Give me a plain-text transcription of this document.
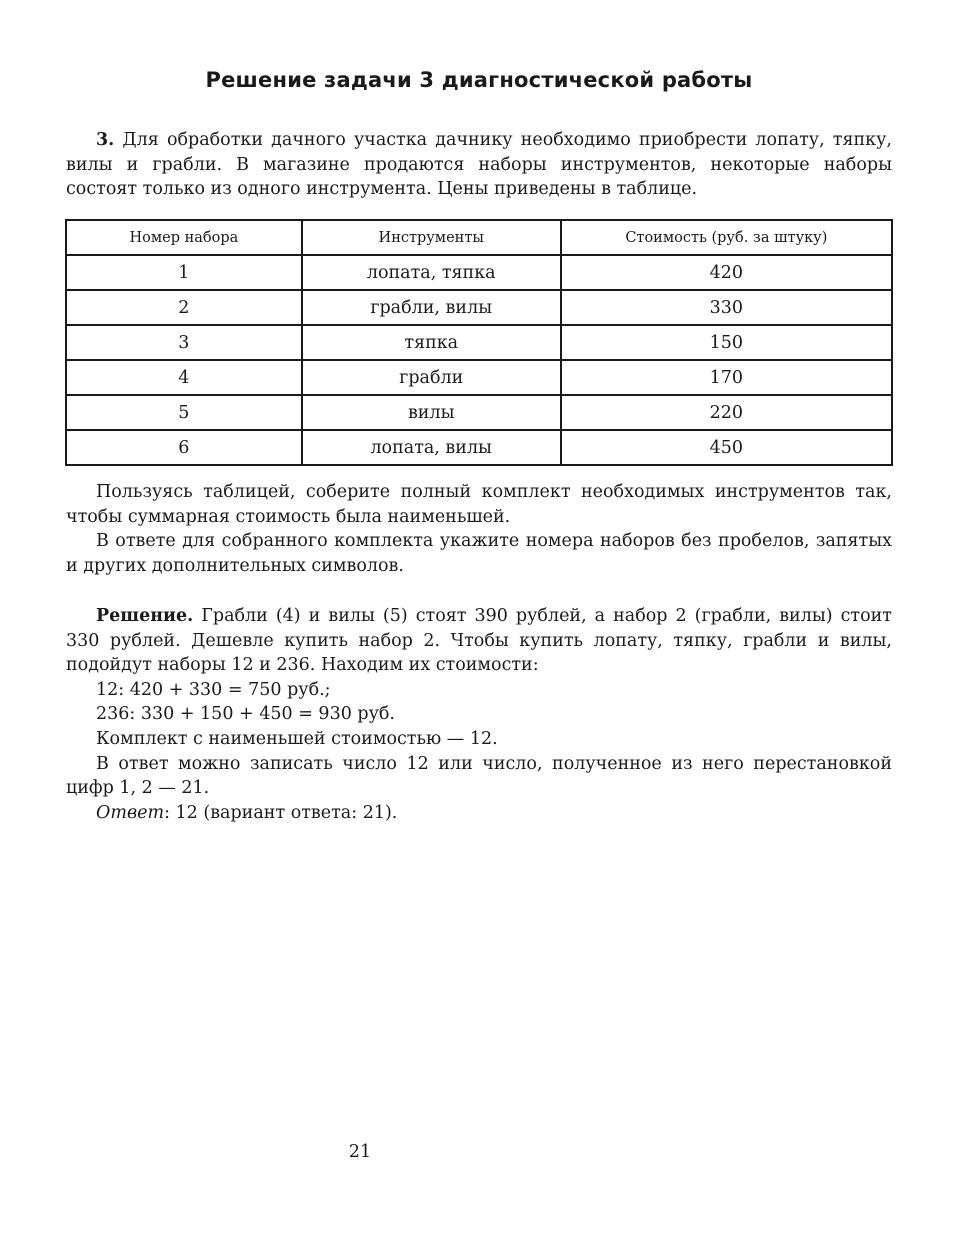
Решение задачи 3 диагностической работы

3. Для обработки дачного участка дачнику необходимо приобрести лопату, тяпку, вилы и грабли. В магазине продаются наборы инструментов, некоторые наборы состоят только из одного инструмента. Цены приведены в таблице.

Номер набора	Инструменты	Стоимость (руб. за штуку)
1	лопата, тяпка	420
2	грабли, вилы	330
3	тяпка	150
4	грабли	170
5	вилы	220
6	лопата, вилы	450

Пользуясь таблицей, соберите полный комплект необходимых инструментов так, чтобы суммарная стоимость была наименьшей.

В ответе для собранного комплекта укажите номера наборов без пробелов, запятых и других дополнительных символов.

Решение. Грабли (4) и вилы (5) стоят 390 рублей, а набор 2 (грабли, вилы) стоит 330 рублей. Дешевле купить набор 2. Чтобы купить лопату, тяпку, грабли и вилы, подойдут наборы 12 и 236. Находим их стоимости:

12: 420 + 330 = 750 руб.;

236: 330 + 150 + 450 = 930 руб.

Комплект с наименьшей стоимостью — 12.

В ответ можно записать число 12 или число, полученное из него перестановкой цифр 1, 2 — 21.

Ответ: 12 (вариант ответа: 21).

21
